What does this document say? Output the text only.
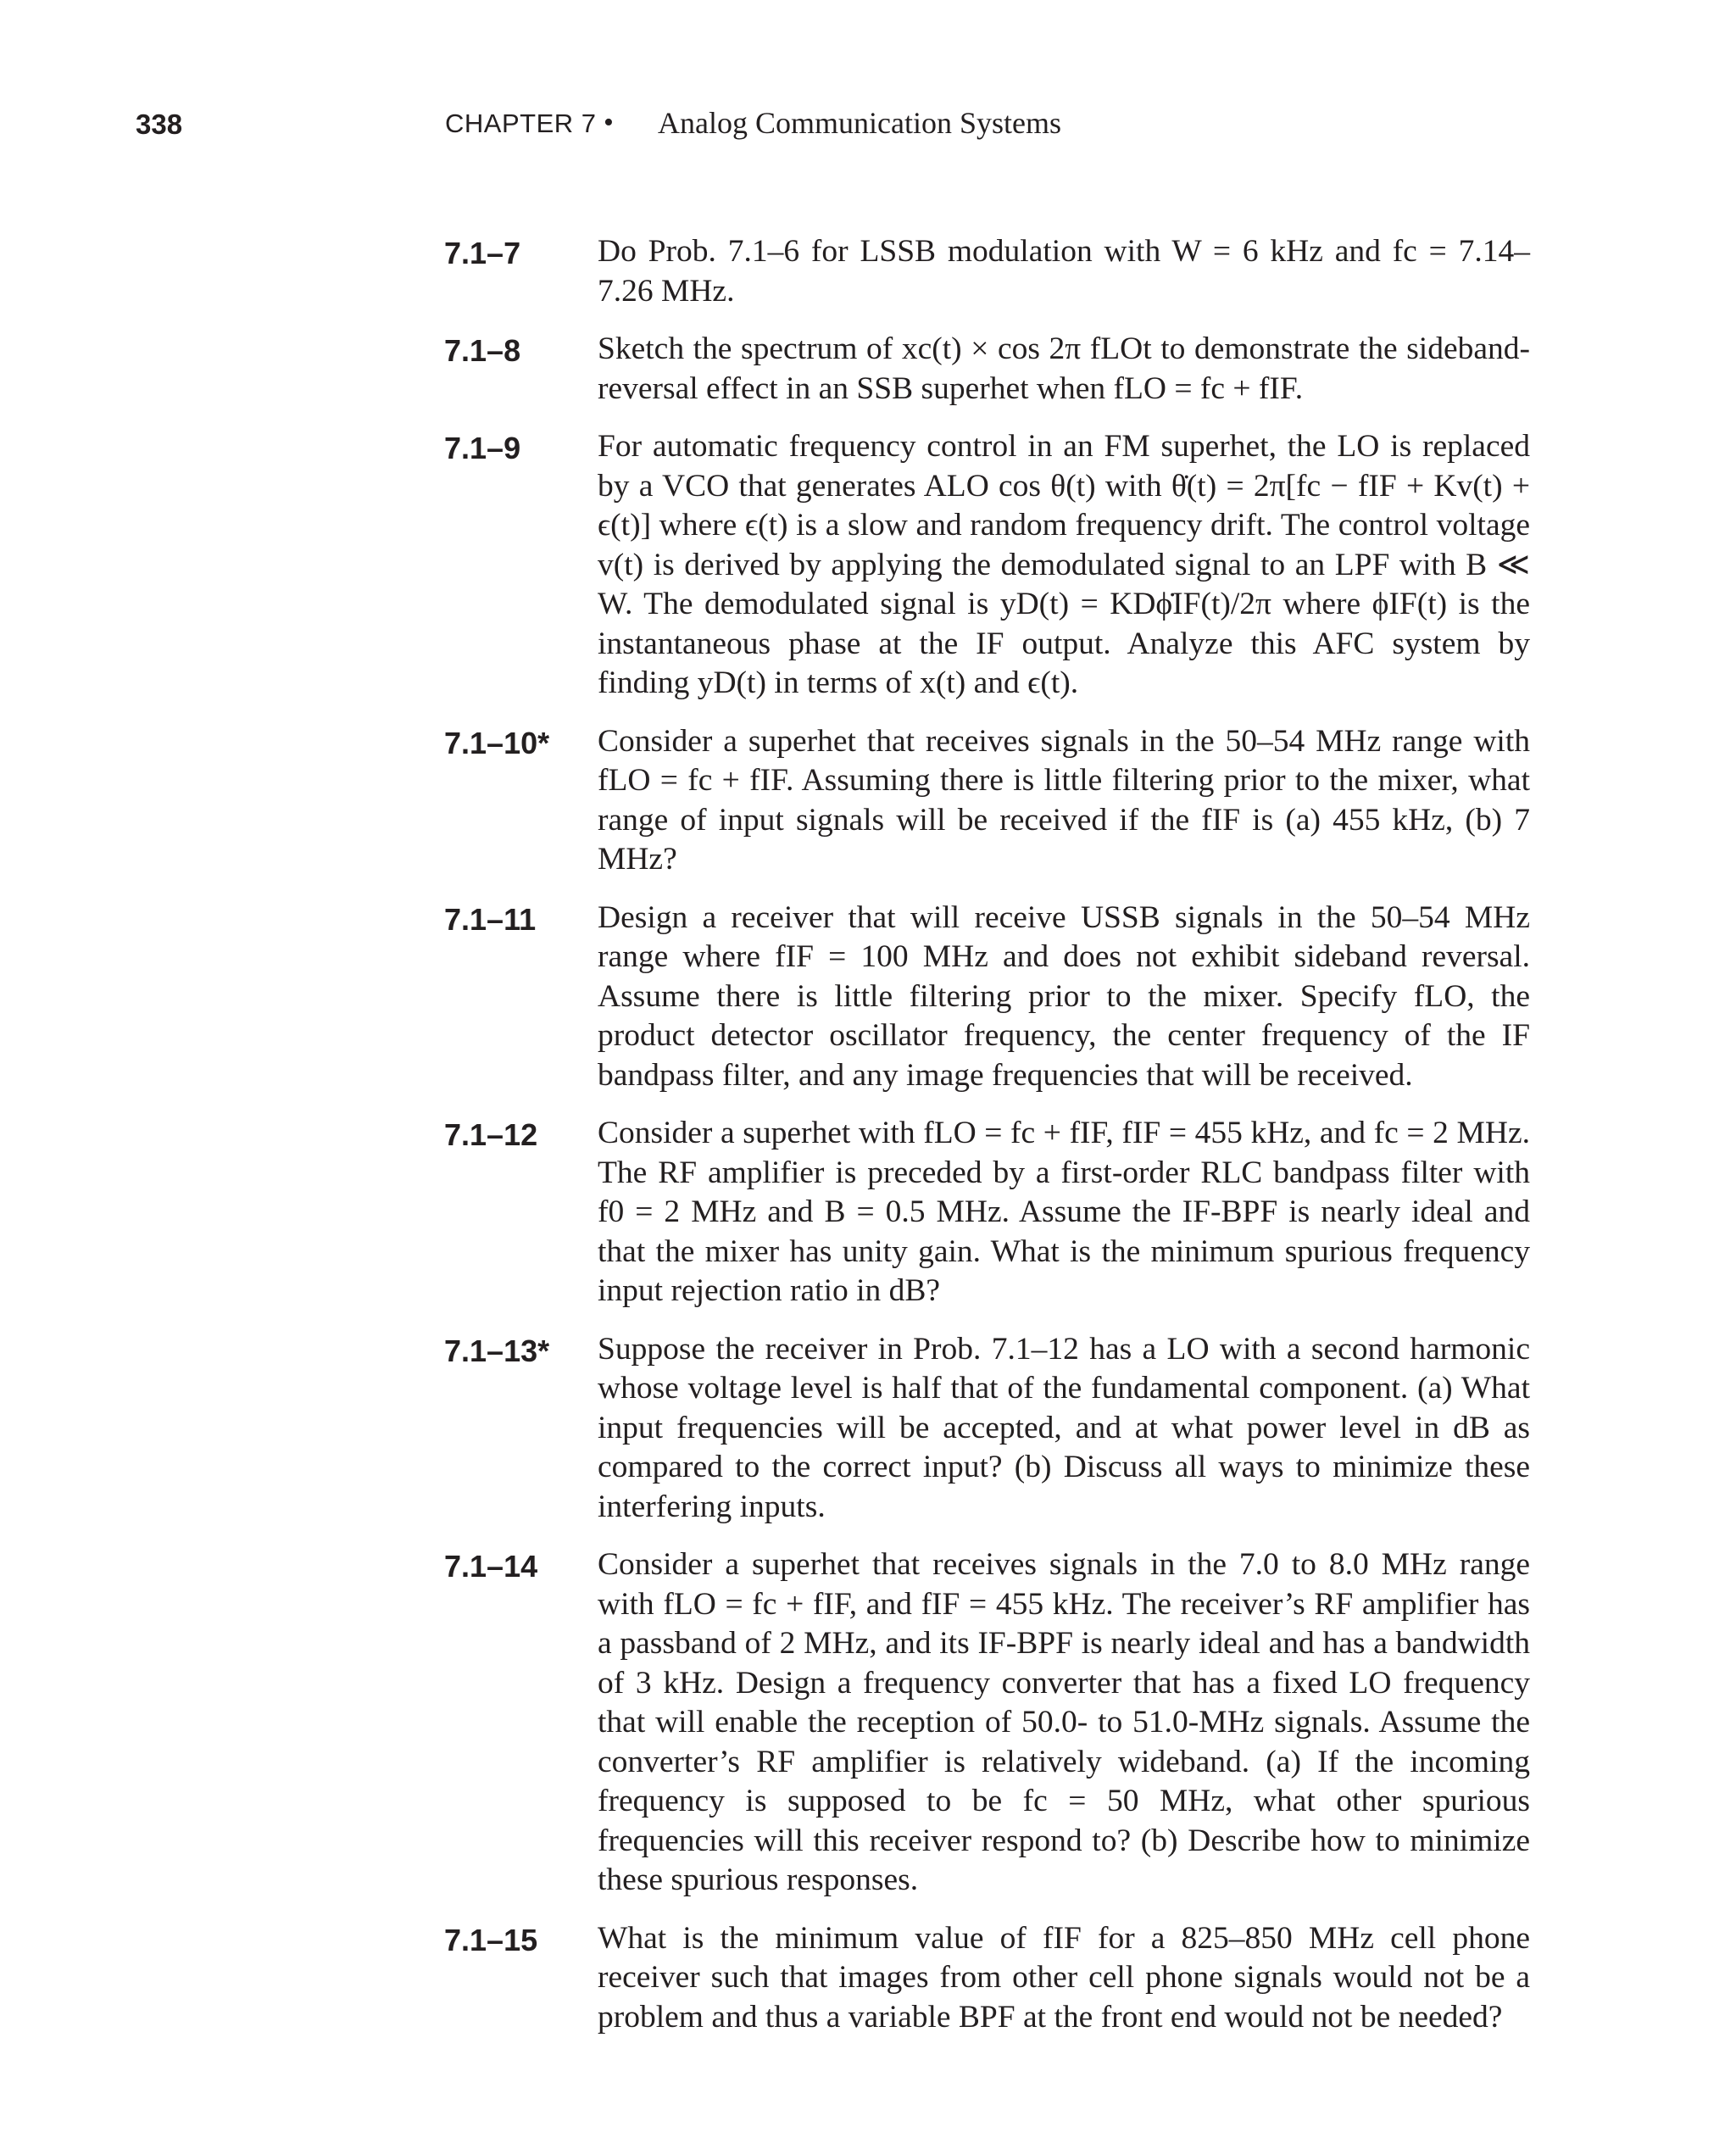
338	CHAPTER 7 • Analog Communication Systems
7.1–7 Do Prob. 7.1–6 for LSSB modulation with W = 6 kHz and fc = 7.14–7.26 MHz.
7.1–8 Sketch the spectrum of xc(t) × cos 2π fLOt to demonstrate the sideband-reversal effect in an SSB superhet when fLO = fc + fIF.
7.1–9 For automatic frequency control in an FM superhet, the LO is replaced by a VCO that generates ALO cos θ(t) with θ̇(t) = 2π[fc − fIF + Kv(t) + ϵ(t)] where ϵ(t) is a slow and random frequency drift. The control voltage v(t) is derived by applying the demodulated signal to an LPF with B ≪ W. The demodulated signal is yD(t) = KDϕ̇IF(t)/2π where ϕIF(t) is the instantaneous phase at the IF output. Analyze this AFC system by finding yD(t) in terms of x(t) and ϵ(t).
7.1–10* Consider a superhet that receives signals in the 50–54 MHz range with fLO = fc + fIF. Assuming there is little filtering prior to the mixer, what range of input signals will be received if the fIF is (a) 455 kHz, (b) 7 MHz?
7.1–11 Design a receiver that will receive USSB signals in the 50–54 MHz range where fIF = 100 MHz and does not exhibit sideband reversal. Assume there is little filtering prior to the mixer. Specify fLO, the product detector oscillator frequency, the center frequency of the IF bandpass filter, and any image frequencies that will be received.
7.1–12 Consider a superhet with fLO = fc + fIF, fIF = 455 kHz, and fc = 2 MHz. The RF amplifier is preceded by a first-order RLC bandpass filter with f0 = 2 MHz and B = 0.5 MHz. Assume the IF-BPF is nearly ideal and that the mixer has unity gain. What is the minimum spurious frequency input rejection ratio in dB?
7.1–13* Suppose the receiver in Prob. 7.1–12 has a LO with a second harmonic whose voltage level is half that of the fundamental component. (a) What input frequencies will be accepted, and at what power level in dB as compared to the correct input? (b) Discuss all ways to minimize these interfering inputs.
7.1–14 Consider a superhet that receives signals in the 7.0 to 8.0 MHz range with fLO = fc + fIF, and fIF = 455 kHz. The receiver’s RF amplifier has a passband of 2 MHz, and its IF-BPF is nearly ideal and has a bandwidth of 3 kHz. Design a frequency converter that has a fixed LO frequency that will enable the reception of 50.0- to 51.0-MHz signals. Assume the converter’s RF amplifier is relatively wideband. (a) If the incoming frequency is supposed to be fc = 50 MHz, what other spurious frequencies will this receiver respond to? (b) Describe how to minimize these spurious responses.
7.1–15 What is the minimum value of fIF for a 825–850 MHz cell phone receiver such that images from other cell phone signals would not be a problem and thus a variable BPF at the front end would not be needed?
